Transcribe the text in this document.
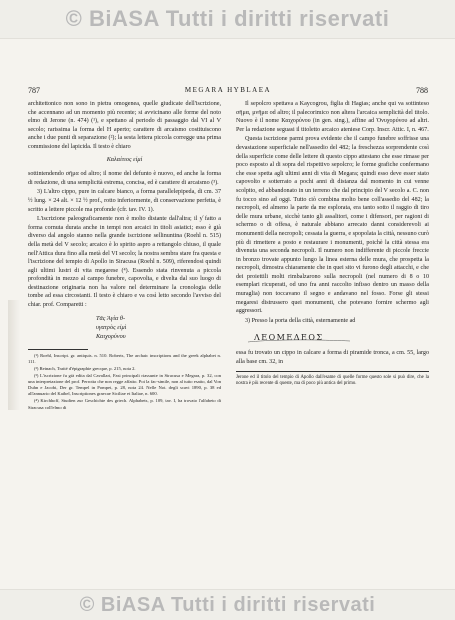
© BiASA Tutti i diritti riservati
787	MEGARA HYBLAEA	788

architettonico non sono in pietra omogenea, quelle giudicate dell'iscrizione, che accennano ad un momento più recente; si avvicinano alle forme del noto elmo di Jerone (n. 474) (¹), e spettano al periodo di passaggio dal VI al V secolo; rarissima la forma del H aperto; carattere di arcaismo costituiscono anche i due punti di separazione (²); la sesta lettera piccola corregge una prima commissione del lapicida. Il testo è chiaro

Καλαίτιος εἰμί

sottintendendo σῆμα od altro; il nome del defunto è nuovo, ed anche la forma di redazione, di una semplicità estrema, concisa, ed è carattere di arcaismo (³).

3) L'altro cippo, pure in calcare bianco, a forma parallelepipeda, di cm. 37 ½ lung. × 24 alt. × 12 ½ prof., rotto inferiormente, di conservazione perfetta, è scritto a lettere piccole ma profonde (cfr. tav. IV. 1).

L'iscrizione paleograficamente non è molto distante dall'altra; il ƴ fatto a forma cornuta durata anche in tempi non arcaici in titoli asiatici; esso è già diverso dal angolo stanno nella grande iscrizione sellinuntina (Roehl n. 515) della metà del V secolo; arcaico è lo spirito aspro a rettangolo chiuso, il quale nell'Attica dura fino alla metà del VI secolo; la nostra sembra stare fra questa e l'iscrizione del tempio di Apollo in Siracusa (Roehl n. 509), riferendosi quindi agli ultimi lustri di vita megarese (⁴). Essendo stata rinvenuta a piccola profondità in mezzo al campo funebre, capovolta, e divelta dal suo luogo di destinazione originaria non ha valore nel determinare la cronologia delle tombe ad essa circostanti. Il testo è chiaro e va così letto secondo l'avviso del chiar. prof. Comparetti :

Τᾶς Ἀγία θ-
υγατρὸς εἰμὶ
Καιχορύνου
(¹) Roehl, Inscript. gr. antiquis. n. 510. Roberts, The archaic inscriptions and the greek alphabet n. 111.
(²) Reinach, Traité d'épigraphie grecque, p. 215, nota 2.
(³) L'iscrizione fu già edita dal Cavallari, Fasi principali riassunte in Siracusa e Megara, p. 32, con una interpretazione del prof. Perrotta che non regge affatto. Poi la fac-simile, non al tutto esatto, dal Von Duhn e Jacobi, Der gr. Tempel in Pompei, p. 28, nota 24. Nelle Not. degli scavi 1890, p. 38 ed all'annuario del Kaibel, Inscriptiones graecae Siciliae et Italiae, n. 600.
(⁴) Kirchhoff, Studien zur Geschichte des griech. Alphabets, p. 109, tav. I, ha trovato l'alfabeto di Siracusa coll'elmo di

Il sepolcro spettava a Kaycogrou, figlia di Hagias; anche qui va sottinteso σῆμα, μνῆμα od altro; il palecorimico non altera l'arcaica semplicità del titolo. Nuovo è il nome Καιχορύνου (in gen. sing.), affine ad Ὀνυχορύνου ad altri. Per la redazione seguasi il titoletto arcaico ateniese Corp. Inscr. Attic. I, n. 467.

Questa iscrizione parmi prova evidente che il campo funebre soffrisse una devastazione superficiale nell'assedio del 482; la freschezza sorprendente così della superficie come delle lettere di questo cippo attestano che esse rimase per poco esposto al di sopra del rispettivo sepolcro; le forme grafiche confermano che esse spetta agli ultimi anni di vita di Megara; quindi esso deve esser stato capovolto e sotterrato a pochi anni di distanza dal momento in cui venne scolpito, ed abbandonato in un terreno che dal principio del V secolo a. C. non fu tocco sino ad oggi. Tutto ciò combina molto bene coll'assedio del 482; la necropoli, ed almeno la parte da me esplorata, era tanto sotto il raggio di tiro delle mura urbane, sicchè tanto gli assalitori, come i difensori, per ragioni di schermo o di offesa, è naturale abbiano arrecato danni considerevoli ai monumenti della necropoli; cessata la guerra, e spopolata la città, nessuno curò più di rimettere a posto e restaurare i monumenti, poichè la città stessa era divenuta una seconda necropoli. Il numero non indifferente di piccole freccie in bronzo trovate appunto lungo la linea esterna delle mura, che prospetta la necropoli, dimostra chiaramente che in quei sito vi furono degli attacchi, e che dei proiettili molti rimbalzarono sulla necropoli (nel numero di 8 o 10 esemplari ricuperati, od uno fra anni raccolto infisso dentro un masso della muraglia) non toccavano il segno e andavano nel fosso. Forse gli stessi megaresi distrussero quei monumenti, che potevano fornire schermo agli aggressori.

3) Presso la porta della città, esternamente ad

ΛΕΟΜΕΔΕΟΣ

essa fu trovato un cippo in calcare a forma di piramide tronca, a cm. 55, largo alla base cm. 32, in

Jerone ed il titolo del tempio di Apollo dall'esame di quelle forme questo sole si può dire, che la nostra è più recente di queste, ma di poco più antica del primo.
© BiASA Tutti i diritti riservati
